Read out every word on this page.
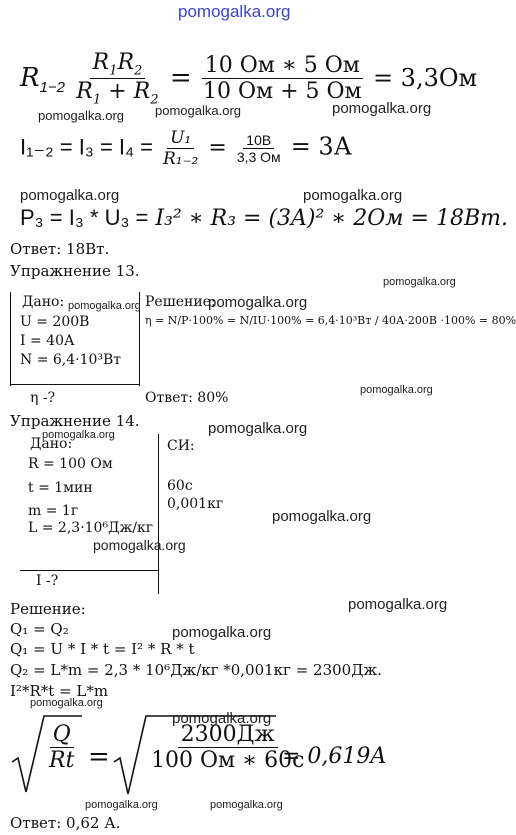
pomogalka.org
$R_{1-2} \frac{R_1R_2}{R_1 + R_2} = \frac{10 Ом ∗ 5 Ом}{10 Ом + 5 Ом} = 3,3Ом$
pomogalka.org pomogalka.org	pomogalka.org
$I_{1-2} = I_3 = I_4 = \frac{\text{U₁}}{\text{R₁₋₂}} = \frac{10В}{3,3 Ом} = 3А$
pomogalka.org	pomogalka.org
P₃ = I₃ * U₃ = I₃² ∗ R₃ = (3A)² ∗ 2Ом = 18Вт.
Ответ: 18Вт.
Упражнение 13.
pomogalka.org
Дано: pomogalka.org
U = 200В
I = 40А
N = 6,4·10³Вт
η -?
Решение:
pomogalka.org
η = N/P·100% = N/IU·100% = 6,4·10³Вт / 40А·200В ·100% = 80%
Ответ: 80%	pomogalka.org
Упражнение 14.
pomogalka.org	pomogalka.org
Дано:
R = 100 Ом
t = 1мин
m = 1г
L = 2,3·10⁶Дж/кг
pomogalka.org
I -?
СИ:
60с
0,001кг
pomogalka.org
Решение:	pomogalka.org
Q₁ = Q₂	pomogalka.org
Q₁ = U * I * t = I² * R * t
Q₂ = L*m = 2,3 * 10⁶Дж/кг *0,001кг = 2300Дж.
I²*R*t = L*m
pomogalka.org
pomogalka.org
$\frac{Q}{Rt} = \frac{2300Дж}{100 Ом ∗ 60с}$
= 0,619A
pomogalka.org	pomogalka.org
Ответ: 0,62 А.
